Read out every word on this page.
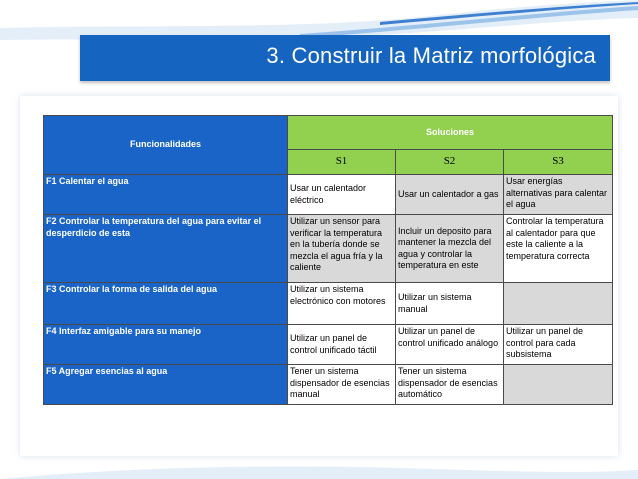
3. Construir la Matriz morfológica
Funcionalidades	Soluciones		
	S1	S2	S3
F1 Calentar el agua	Usar un calentador eléctrico	Usar un calentador a gas	Usar energías alternativas para calentar el agua
F2 Controlar la temperatura del agua para evitar el desperdicio de esta	Utilizar un sensor para verificar la temperatura en la tubería donde se mezcla el agua fría y la caliente	Incluir un deposito para mantener la mezcla del agua y controlar la temperatura en este	Controlar la temperatura al calentador para que este la caliente a la temperatura correcta
F3 Controlar la forma de salida del agua	Utilizar un sistema electrónico con motores	Utilizar un sistema manual	
F4 Interfaz amigable para su manejo	Utilizar un panel de control unificado táctil	Utilizar un panel de control unificado análogo	Utilizar un panel de control para cada subsistema
F5 Agregar esencias al agua	Tener un sistema dispensador de esencias manual	Tener un sistema dispensador de esencias automático	
